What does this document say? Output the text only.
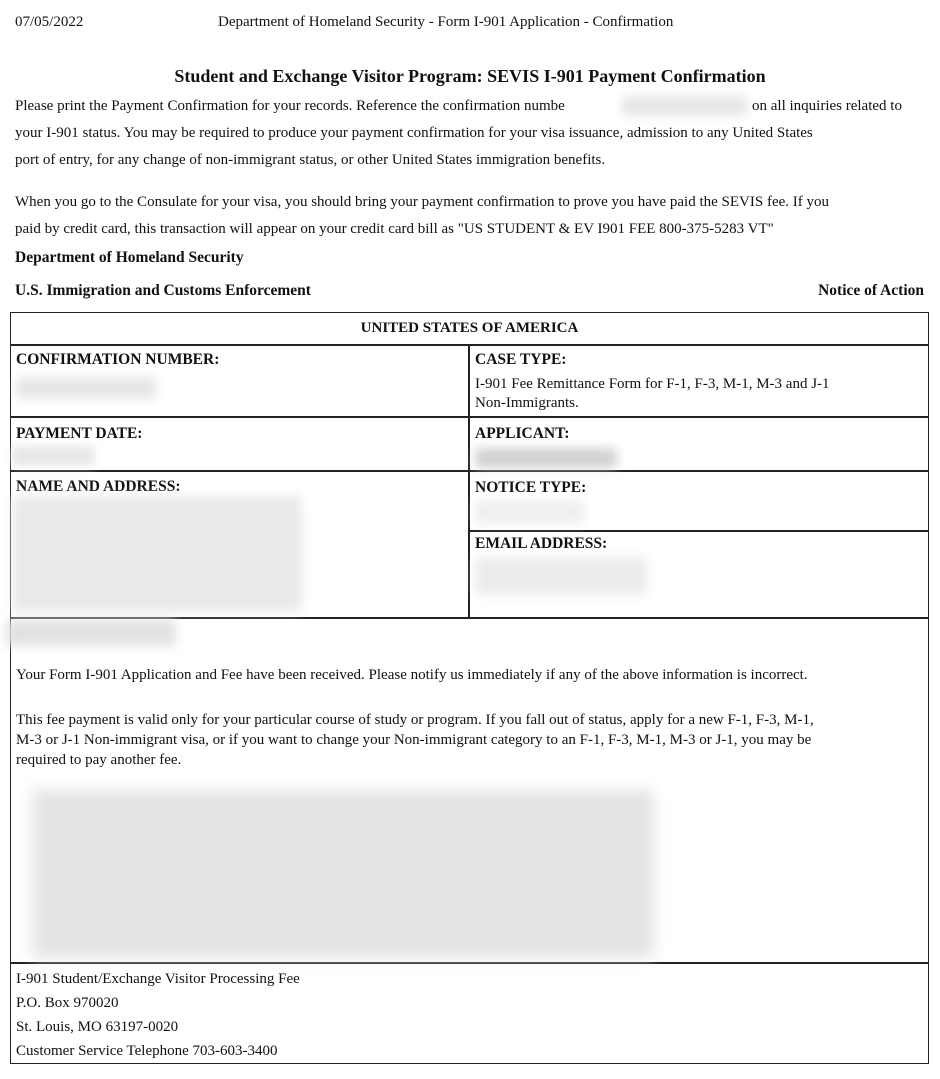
07/05/2022	Department of Homeland Security - Form I-901 Application - Confirmation
Student and Exchange Visitor Program: SEVIS I-901 Payment Confirmation
Please print the Payment Confirmation for your records. Reference the confirmation numbe	on all inquiries related to
your I-901 status. You may be required to produce your payment confirmation for your visa issuance, admission to any United States
port of entry, for any change of non-immigrant status, or other United States immigration benefits.
When you go to the Consulate for your visa, you should bring your payment confirmation to prove you have paid the SEVIS fee. If you
paid by credit card, this transaction will appear on your credit card bill as "US STUDENT & EV I901 FEE 800-375-5283 VT"
Department of Homeland Security
U.S. Immigration and Customs Enforcement	Notice of Action
UNITED STATES OF AMERICA
CONFIRMATION NUMBER:	CASE TYPE:
I-901 Fee Remittance Form for F-1, F-3, M-1, M-3 and J-1
Non-Immigrants.
PAYMENT DATE:	APPLICANT:
NAME AND ADDRESS:	NOTICE TYPE:
EMAIL ADDRESS:
Your Form I-901 Application and Fee have been received. Please notify us immediately if any of the above information is incorrect.
This fee payment is valid only for your particular course of study or program. If you fall out of status, apply for a new F-1, F-3, M-1,
M-3 or J-1 Non-immigrant visa, or if you want to change your Non-immigrant category to an F-1, F-3, M-1, M-3 or J-1, you may be
required to pay another fee.
I-901 Student/Exchange Visitor Processing Fee
P.O. Box 970020
St. Louis, MO 63197-0020
Customer Service Telephone 703-603-3400
